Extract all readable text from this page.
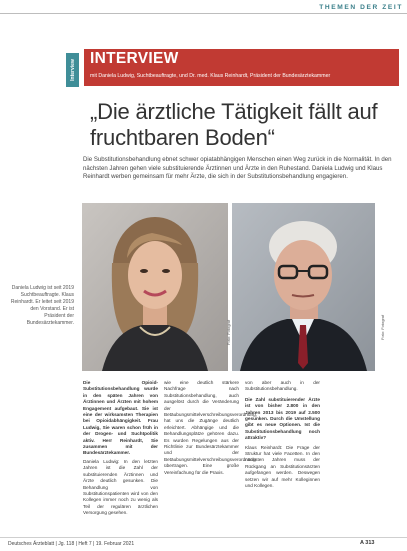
THEMEN DER ZEIT
Interview
INTERVIEW
mit Daniela Ludwig, Suchtbeauftragte, und Dr. med. Klaus Reinhardt, Präsident der Bundesärztekammer
„Die ärztliche Tätigkeit fällt auf fruchtbaren Boden“
Die Substitutionsbehandlung ebnet schwer opiatabhängigen Menschen einen Weg zurück in die Normalität. In den nächsten Jahren gehen viele substituierende Ärztinnen und Ärzte in den Ruhestand. Daniela Ludwig und Klaus Reinhardt werben gemeinsam für mehr Ärzte, die sich in der Substitutionsbehandlung engagieren.
Daniela Ludwig ist seit 2019 Suchtbeauftragte. Klaus Reinhardt. Er leitet seit 2019 den Vorstand. Er ist Präsident der Bundesärztekammer.	Foto: Fotograf	Foto: Fotograf
Die Opioid-Substitutionsbehandlung wurde in den späten Jahren von Ärztinnen und Ärzten mit hohem Engagement aufgebaut. Sie ist eine der wirksamsten Therapien bei Opioidabhängigkeit. Frau Ludwig, Sie waren schon früh in der Drogen- und Suchtpolitik aktiv. Herr Reinhardt, Sie zusammen mit der Bundesärztekammer.
Daniela Ludwig: In den letzten Jahren ist die Zahl der substituierenden Ärztinnen und Ärzte deutlich gesunken. Die Behandlung von Substitutionspatienten wird von den Kollegen immer noch zu wenig als Teil der regulären ärztlichen Versorgung gesehen.
wie eine deutlich stärkere Nachfrage nach Substitutionsbehandlung, auch ausgelöst durch die Veränderung der Betäubungsmittelverschreibungsverordnung, hat uns die Zugänge deutlich erleichtert. Abhängige und die Behandlungsplätze gehören dazu. Es wurden Regelungen aus der Richtlinie zur Bundesärztekammer und der Betäubungsmittelverschreibungsverordnung übertragen. Eine große Vereinfachung für die Praxis.
von aber auch in der Substitutionsbehandlung.
Die Zahl substituierender Ärzte ist von bisher 2.800 in den Jahren 2013 bis 2019 auf 2.500 gesunken. Durch die Umstellung gibt es neue Optionen. Ist die Substitutionsbehandlung noch attraktiv?
Klaus Reinhardt: Die Frage der Struktur hat viele Facetten. In den nächsten Jahren muss der Rückgang an Substitutionsärzten aufgefangen werden. Deswegen setzen wir auf mehr Kolleginnen und Kollegen.
Deutsches Ärzteblatt | Jg. 118 | Heft 7 | 19. Februar 2021	A 313
